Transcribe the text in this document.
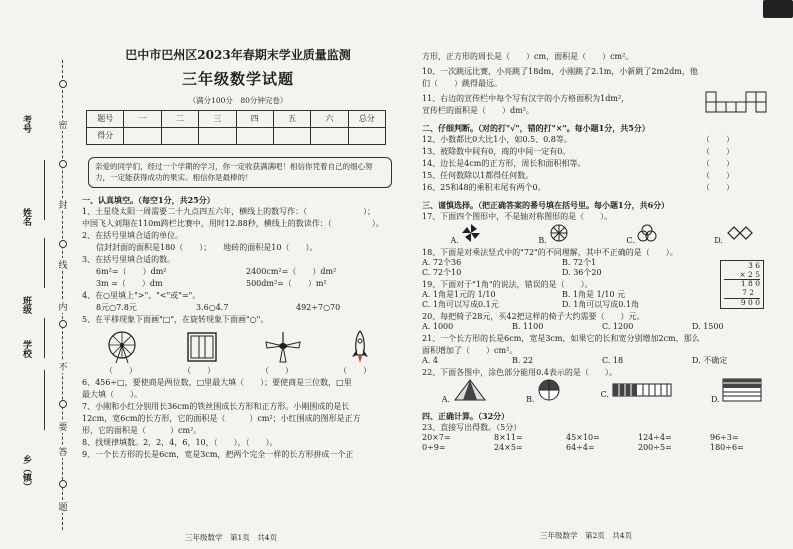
考号
姓名
班级
学校
乡（镇）
密
封
线
内
不
要
答
题
巴中市巴州区2023年春期末学业质量监测
三年级数学试题
（满分100分　80分钟完卷）
题号	一	二	三	四	五	六	总分
得分							
亲爱的同学们，经过一个学期的学习，你一定收获满满吧！相信你凭着自己的细心努力，一定能获得成功的果实。相信你是最棒的！
一、认真填空。（每空1分，共25分）
1、土星绕太阳一周需要二十九点四五六年，横线上的数写作：（　　　　　　　）；
中国飞人刘翔在110m跨栏比赛中，用时12.88秒，横线上的数读作：（　　　　　）。
2、在括号里填合适的单位。
信封封面的面积是180（　　）；　　地砖的面积是10（　　）。
3、在括号里填合适的数。
6m²=（　　）dm²	2400cm²=（　　）dm²
3m =（　　）dm	500dm²=（　　）m²
4、在○里填上">"、"<"或"="。
8元○7.8元	3.6○4.7	492÷7○70
5、在平移现象下面画"□"，在旋转现象下面画"○"。
（　　）	（　　）	（　　）	（　　）
6、456÷□，要使商是两位数，□里最大填（　　）；要使商是三位数，□里
最大填（　　）。
7、小刚和小红分别用长36cm的铁丝围成长方形和正方形。小刚围成的是长
12cm，宽6cm的长方形，它的面积是（　　　）cm²；小红围成的图形是正方
形，它的面积是（　　　）cm²。
8、找规律填数。2，2，4，6，10，（　　），（　　）。
9、一个长方形的长是6cm，宽是3cm，把两个完全一样的长方形拼成一个正
三年级数学　第1页　共4页
方形，正方形的周长是（　　）cm，面积是（　　）cm²。
10、一次跳远比赛，小亮跳了18dm，小刚跳了2.1m，小新跳了2m2dm，他
们（　　）跳得最远。
11、右边的宣传栏中每个写有汉字的小方格面积为1dm²，
宣传栏的面积是（　　）dm²。
二、仔细判断。（对的打"√"，错的打"×"。每小题1分，共5分）
12、小数都比0大比1小，如0.5、0.8等。	（　　）
13、被除数中间有0，商的中间一定有0。	（　　）
14、边长是4cm的正方形，周长和面积相等。	（　　）
15、任何数除以1都得任何数。	（　　）
16、25和48的乘积末尾有两个0。	（　　）
三、谨慎选择。（把正确答案的番号填在括号里。每小题1分，共6分）
17、下面四个图形中，不是轴对称图形的是（　　）。
A.	B.	C.	D.
18、下面是对乘法竖式中的"72"的不同理解，其中不正确的是（　　）。
A. 72个36	B. 72个1
C. 72个10	D. 36个20
3 6
× 2 5
1 8 0
7 2
9 0 0
19、下面对于"1角"的说法，错误的是（　　）。
A. 1角是1元的 1/10	B. 1角是 1/10 元
C. 1角可以写成0.1元	D. 1角可以写成0.1角
20、每把椅子28元，买42把这样的椅子大约需要（　　）元。
A. 1000	B. 1100	C. 1200	D. 1500
21、一个长方形的长是6cm，宽是3cm，如果它的长和宽分别增加2cm，那么
面积增加了（　　）cm²。
A. 4	B. 22	C. 18	D. 不确定
22、下面各图中，涂色部分能用0.4表示的是（　　）。
A.	B.
C.
D.
四、正确计算。（32分）
23、直接写出得数。（5分）
20×7=	8×11=	45×10=	124÷4=	96÷3=
0÷9=	24×5=	64÷4=	200÷5=	180÷6=
三年级数学　第2页　共4页
